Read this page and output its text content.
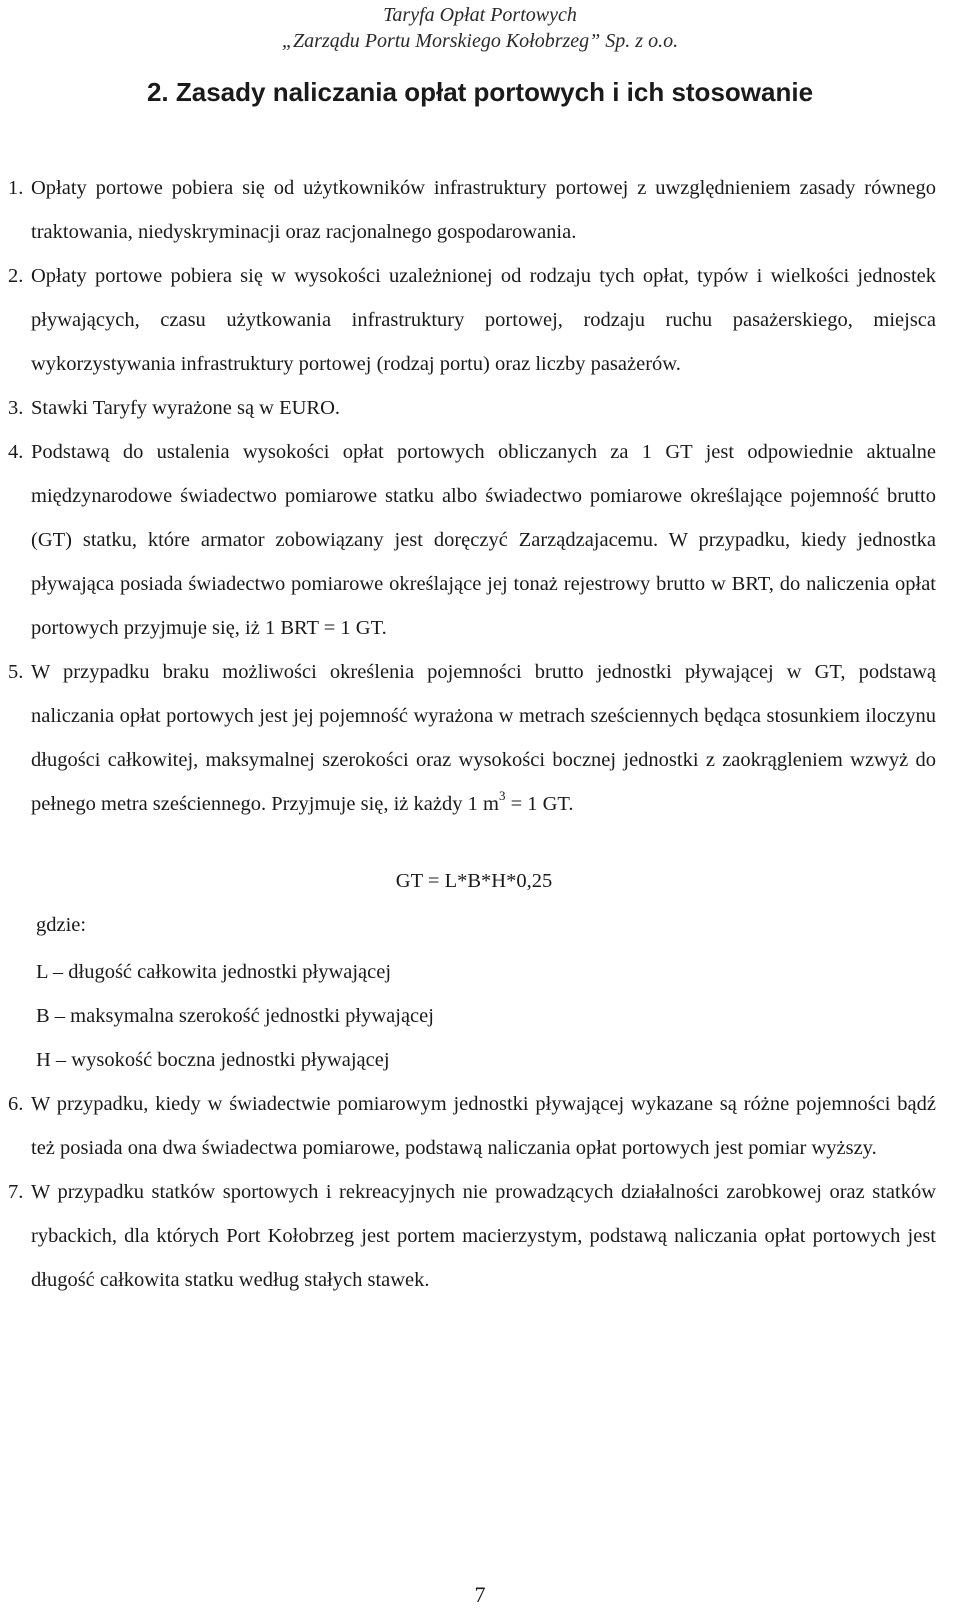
Taryfa Opłat Portowych
„Zarządu Portu Morskiego Kołobrzeg” Sp. z o.o.
2. Zasady naliczania opłat portowych i ich stosowanie
1. Opłaty portowe pobiera się od użytkowników infrastruktury portowej z uwzględnieniem zasady równego traktowania, niedyskryminacji oraz racjonalnego gospodarowania.
2. Opłaty portowe pobiera się w wysokości uzależnionej od rodzaju tych opłat, typów i wielkości jednostek pływających, czasu użytkowania infrastruktury portowej, rodzaju ruchu pasażerskiego, miejsca wykorzystywania infrastruktury portowej (rodzaj portu) oraz liczby pasażerów.
3. Stawki Taryfy wyrażone są w EURO.
4. Podstawą do ustalenia wysokości opłat portowych obliczanych za 1 GT jest odpowiednie aktualne międzynarodowe świadectwo pomiarowe statku albo świadectwo pomiarowe określające pojemność brutto (GT) statku, które armator zobowiązany jest doręczyć Zarządzajacemu. W przypadku, kiedy jednostka pływająca posiada świadectwo pomiarowe określające jej tonaż rejestrowy brutto w BRT, do naliczenia opłat portowych przyjmuje się, iż 1 BRT = 1 GT.
5. W przypadku braku możliwości określenia pojemności brutto jednostki pływającej w GT, podstawą naliczania opłat portowych jest jej pojemność wyrażona w metrach sześciennych będąca stosunkiem iloczynu długości całkowitej, maksymalnej szerokości oraz wysokości bocznej jednostki z zaokrągleniem wzwyż do pełnego metra sześciennego. Przyjmuje się, iż każdy 1 $m^3 = 1$ GT.
GT = L*B*H*0,25
gdzie:
L – długość całkowita jednostki pływającej
B – maksymalna szerokość jednostki pływającej
H – wysokość boczna jednostki pływającej
6. W przypadku, kiedy w świadectwie pomiarowym jednostki pływającej wykazane są różne pojemności bądź też posiada ona dwa świadectwa pomiarowe, podstawą naliczania opłat portowych jest pomiar wyższy.
7. W przypadku statków sportowych i rekreacyjnych nie prowadzących działalności zarobkowej oraz statków rybackich, dla których Port Kołobrzeg jest portem macierzystym, podstawą naliczania opłat portowych jest długość całkowita statku według stałych stawek.
7
